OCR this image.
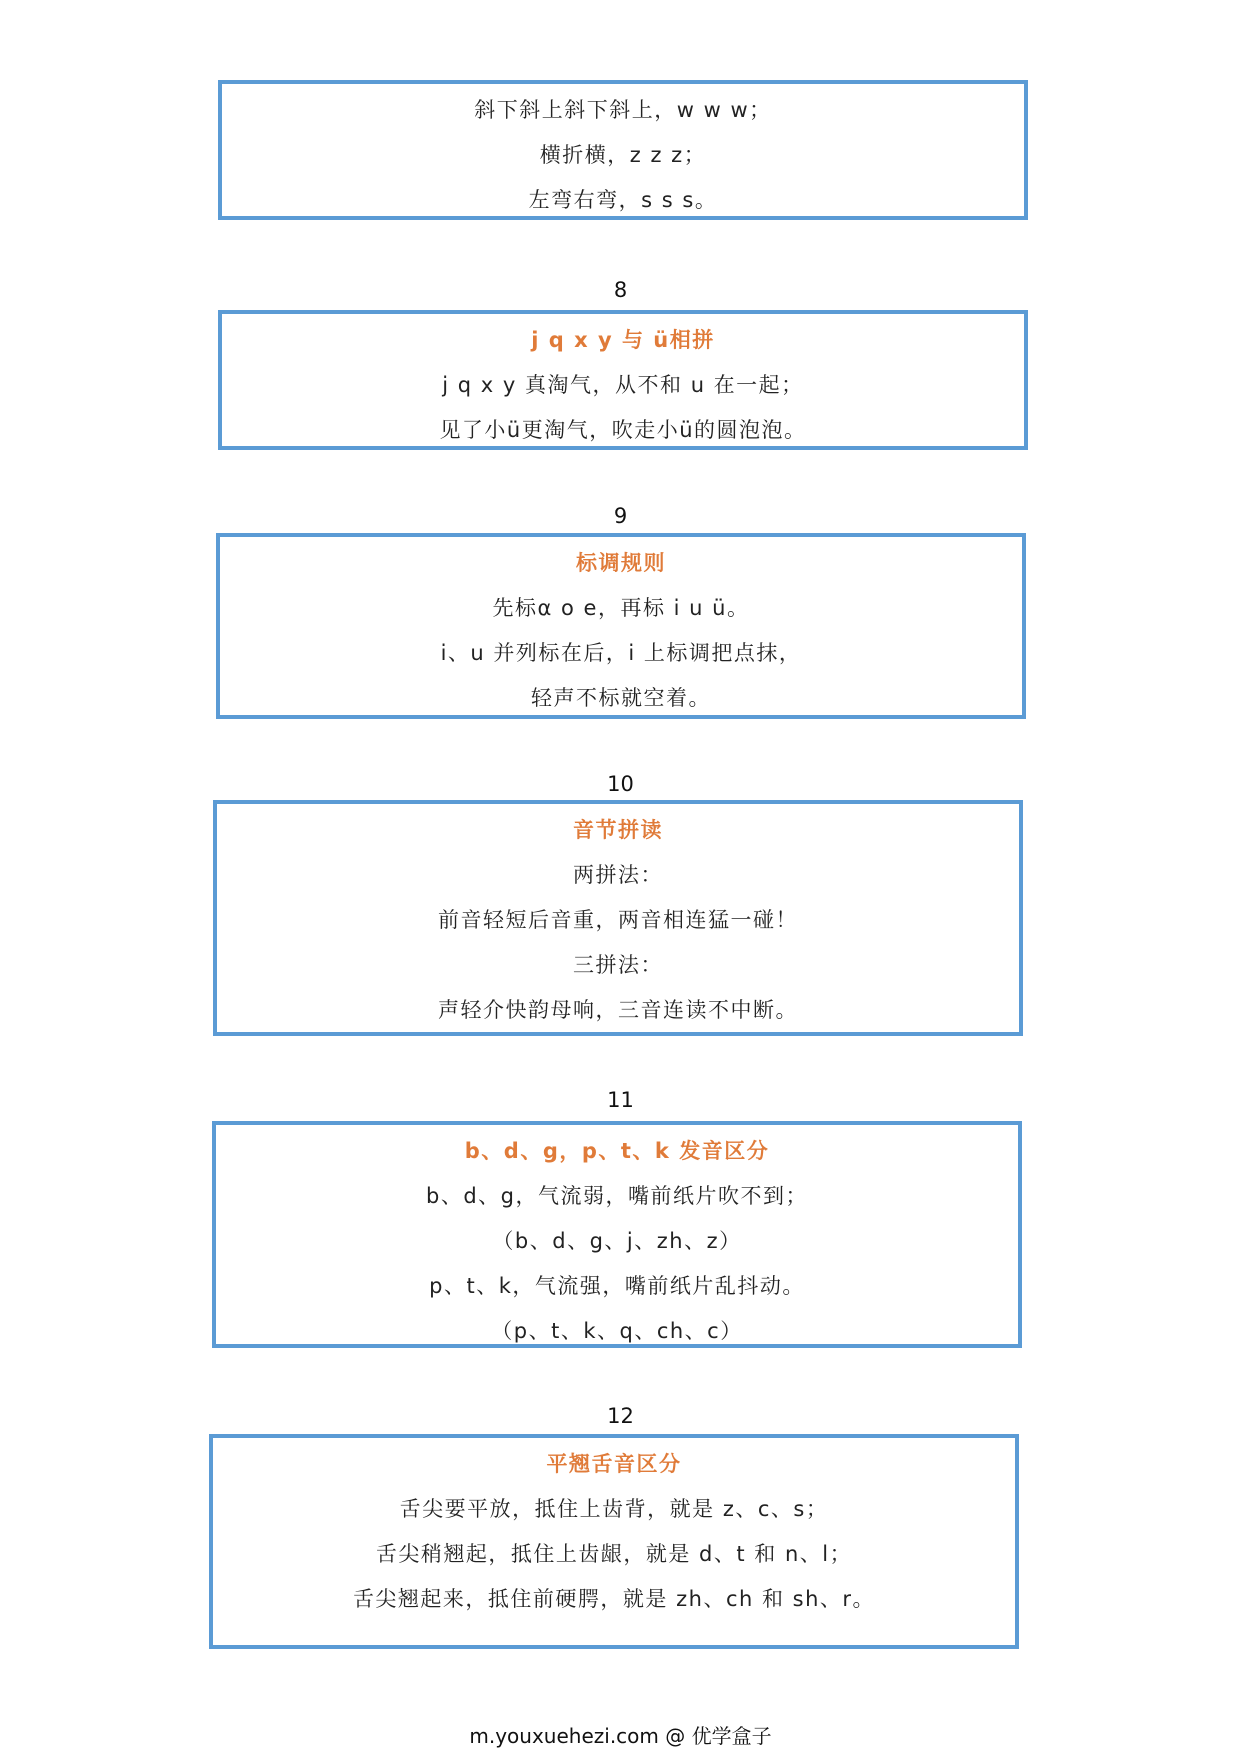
斜下斜上斜下斜上，w w w；
横折横，z z z；
左弯右弯，s s s。
8
j q x y 与 ü相拼
j q x y 真淘气，从不和 u 在一起；
见了小ü更淘气，吹走小ü的圆泡泡。
9
标调规则
先标α o e，再标 i u ü。
i、u 并列标在后，i 上标调把点抹，
轻声不标就空着。
10
音节拼读
两拼法：
前音轻短后音重，两音相连猛一碰！
三拼法：
声轻介快韵母响，三音连读不中断。
11
b、d、g，p、t、k 发音区分
b、d、g，气流弱，嘴前纸片吹不到；
（b、d、g、j、zh、z）
p、t、k，气流强，嘴前纸片乱抖动。
（p、t、k、q、ch、c）
12
平翘舌音区分
舌尖要平放，抵住上齿背，就是 z、c、s；
舌尖稍翘起，抵住上齿龈，就是 d、t 和 n、l；
舌尖翘起来，抵住前硬腭，就是 zh、ch 和 sh、r。
m.youxuehezi.com @ 优学盒子
